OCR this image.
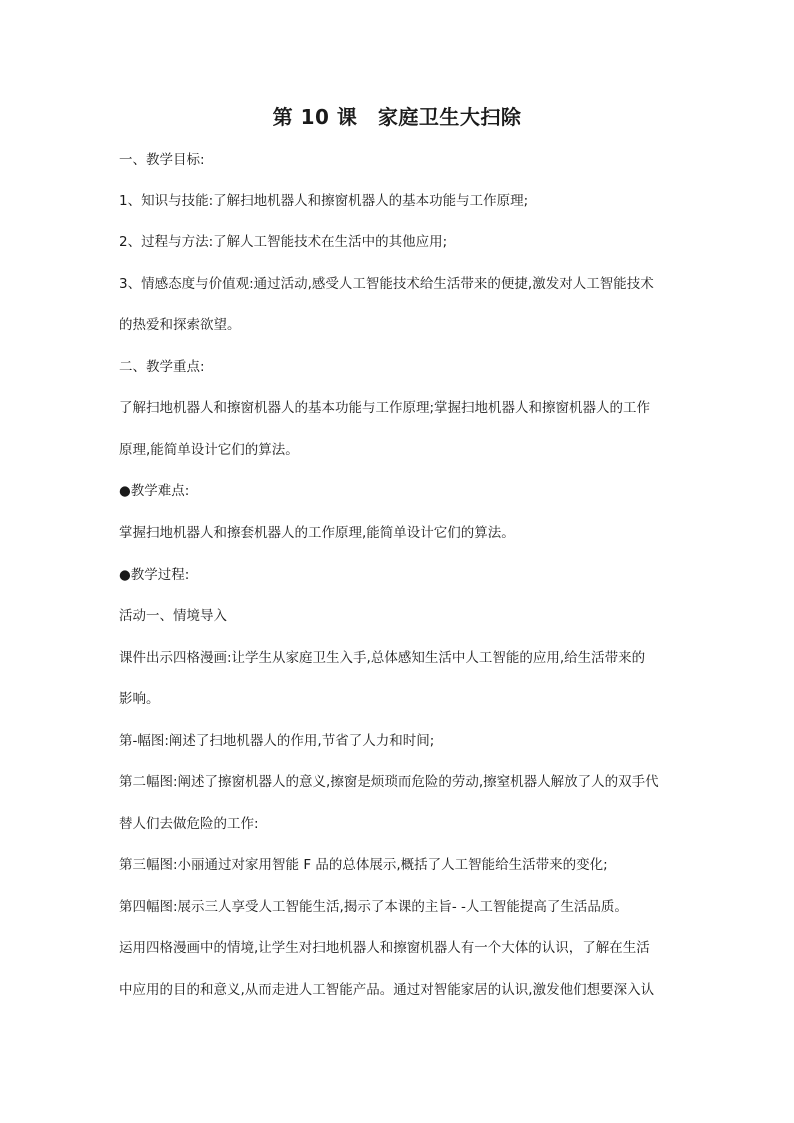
第 10 课　家庭卫生大扫除
一、教学目标:
1、知识与技能:了解扫地机器人和擦窗机器人的基本功能与工作原理;
2、过程与方法:了解人工智能技术在生活中的其他应用;
3、情感态度与价值观:通过活动,感受人工智能技术给生活带来的便捷,激发对人工智能技术
的热爱和探索欲望。
二、教学重点:
了解扫地机器人和擦窗机器人的基本功能与工作原理;掌握扫地机器人和擦窗机器人的工作
原理,能简单设计它们的算法。
●教学难点:
掌握扫地机器人和擦套机器人的工作原理,能简单设计它们的算法。
●教学过程:
活动一、情境导入
课件出示四格漫画:让学生从家庭卫生入手,总体感知生活中人工智能的应用,给生活带来的
影响。
第-幅图:阐述了扫地机器人的作用,节省了人力和时间;
第二幅图:阐述了擦窗机器人的意义,擦窗是烦琐而危险的劳动,擦窒机器人解放了人的双手代
替人们去做危险的工作:
第三幅图:小丽通过对家用智能 F 品的总体展示,概括了人工智能给生活带来的变化;
第四幅图:展示三人享受人工智能生活,揭示了本课的主旨- -人工智能提高了生活品质。
运用四格漫画中的情境,让学生对扫地机器人和擦窗机器人有一个大体的认识，了解在生活
中应用的目的和意义,从而走进人工智能产品。通过对智能家居的认识,激发他们想要深入认
